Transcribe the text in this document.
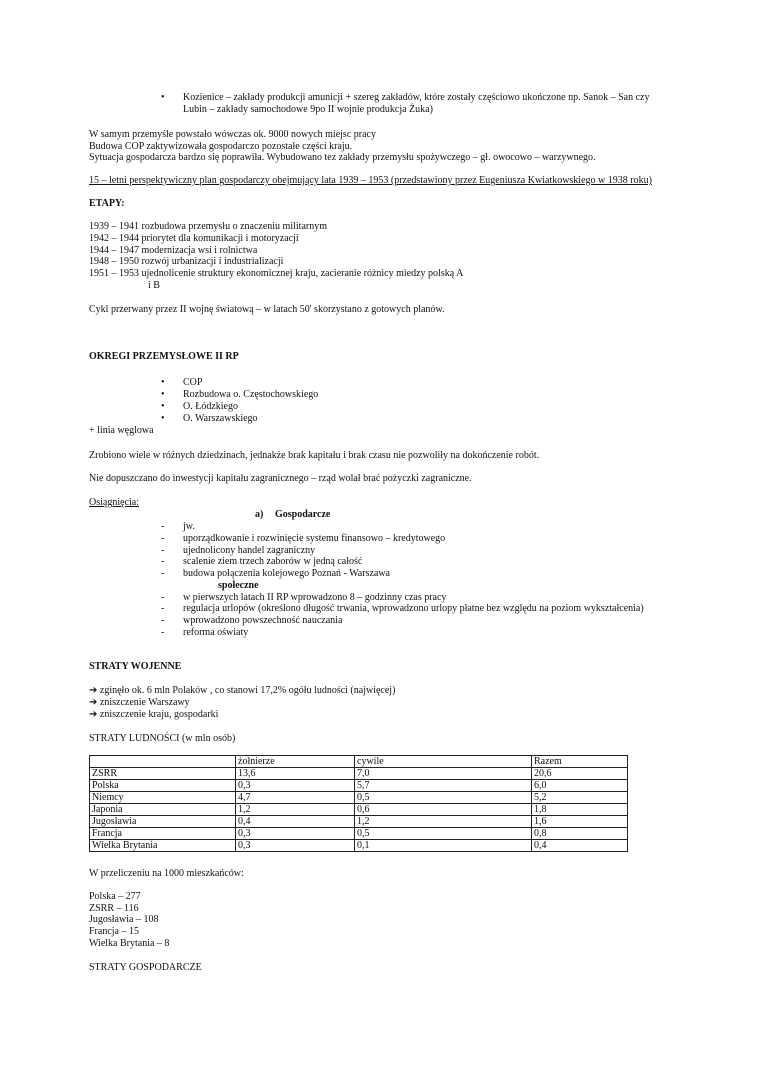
• Kozienice – zakłady produkcji amunicji + szereg zakładów, które zostały częściowo ukończone np. Sanok – San czy
Lubin – zakłady samochodowe 9po II wojnie produkcja Żuka)
W samym przemyśle powstało wówczas ok. 9000 nowych miejsc pracy
Budowa COP zaktywizowała gospodarczo pozostałe części kraju.
Sytuacja gospodarcza bardzo się poprawiła. Wybudowano tez zakłady przemysłu spożywczego – gł. owocowo – warzywnego.
15 – letni perspektywiczny plan gospodarczy obejmujący lata 1939 – 1953 (przedstawiony przez Eugeniusza Kwiatkowskiego w 1938 roku)
ETAPY:
1939 – 1941 rozbudowa przemysłu o znaczeniu militarnym
1942 – 1944 priorytet dla komunikacji i motoryzacji
1944 – 1947 modernizacja wsi i rolnictwa
1948 – 1950 rozwój urbanizacji i industrializacji
1951 – 1953 ujednolicenie struktury ekonomicznej kraju, zacieranie różnicy miedzy polską A
i B
Cykl przerwany przez II wojnę światową – w latach 50' skorzystano z gotowych planów.
OKREGI PRZEMYSŁOWE II RP
• COP
• Rozbudowa o. Częstochowskiego
• O. Łódzkiego
• O. Warszawskiego
+ linia węglowa
Zrobiono wiele w różnych dziedzinach, jednakże brak kapitału i brak czasu nie pozwoliły na dokończenie robót.
Nie dopuszczano do inwestycji kapitału zagranicznego – rząd wolał brać pożyczki zagraniczne.
Osiągnięcia:
a) Gospodarcze
- jw.
- uporządkowanie i rozwinięcie systemu finansowo – kredytowego
- ujednolicony handel zagraniczny
- scalenie ziem trzech zaborów w jedną całość
- budowa połączenia kolejowego Poznań - Warszawa
społeczne
- w pierwszych latach II RP wprowadzono 8 – godzinny czas pracy
- regulacja urlopów (określono długość trwania, wprowadzono urlopy płatne bez względu na poziom wykształcenia)
- wprowadzono powszechność nauczania
- reforma oświaty
STRATY WOJENNE
➔ zginęło ok. 6 mln Polaków , co stanowi 17,2% ogółu ludności (najwięcej)
➔ zniszczenie Warszawy
➔ zniszczenie kraju, gospodarki
STRATY LUDNOŚCI (w mln osób)
	żołnierze	cywile	Razem
ZSRR	13,6	7,0	20,6
Polska	0,3	5,7	6,0
Niemcy	4,7	0,5	5,2
Japonia	1,2	0,6	1,8
Jugosławia	0,4	1,2	1,6
Francja	0,3	0,5	0,8
Wielka Brytania	0,3	0,1	0,4
W przeliczeniu na 1000 mieszkańców:
Polska – 277
ZSRR – 116
Jugosławia – 108
Francja – 15
Wielka Brytania – 8
STRATY GOSPODARCZE
